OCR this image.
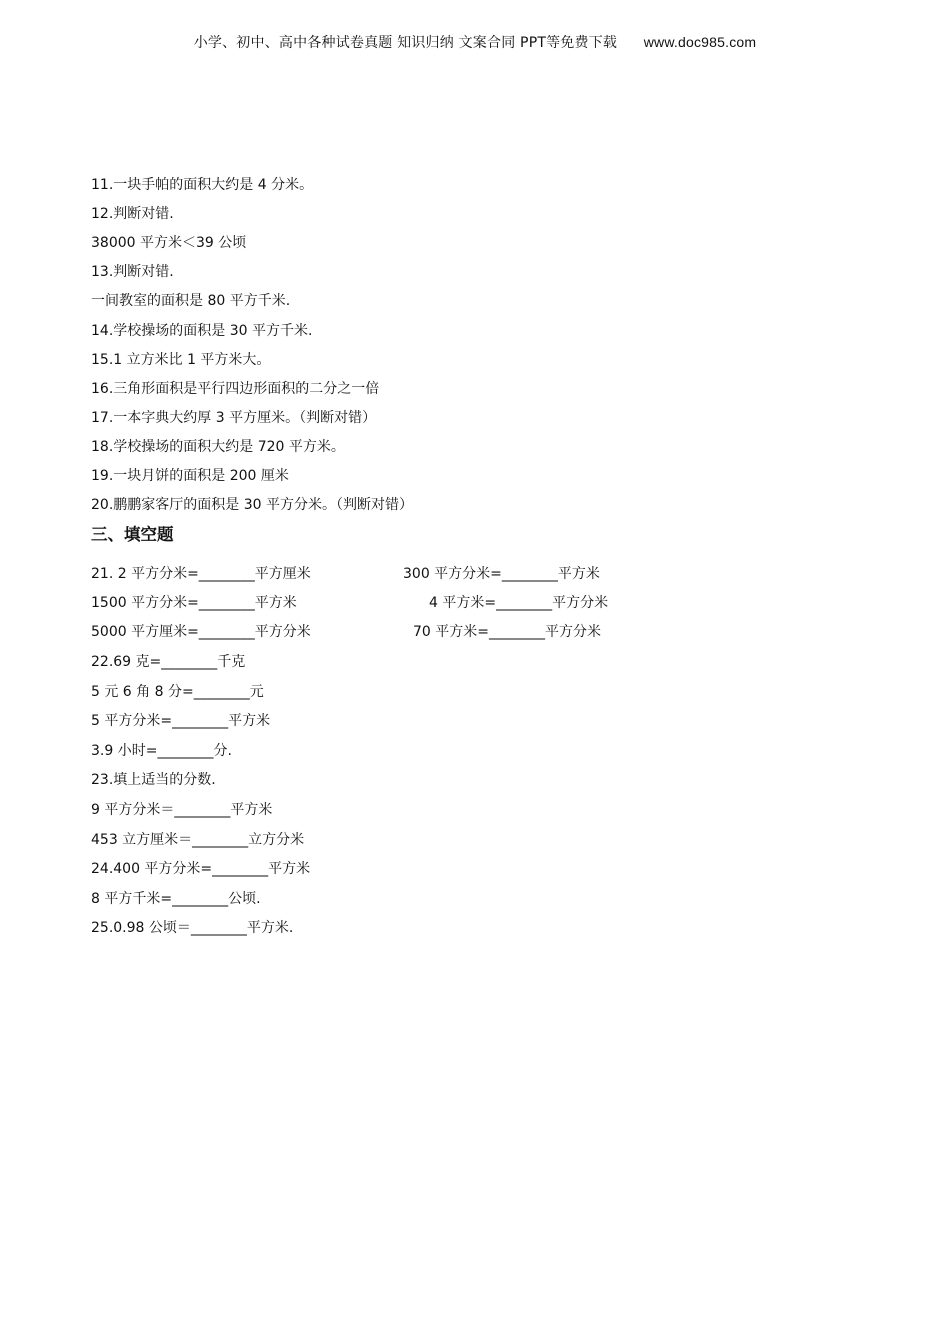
小学、初中、高中各种试卷真题 知识归纳 文案合同 PPT等免费下载 www.doc985.com
11.一块手帕的面积大约是 4 分米。
12.判断对错.
38000 平方米＜39 公顷
13.判断对错.
一间教室的面积是 80 平方千米.
14.学校操场的面积是 30 平方千米.
15.1 立方米比 1 平方米大。
16.三角形面积是平行四边形面积的二分之一倍
17.一本字典大约厚 3 平方厘米。（判断对错）
18.学校操场的面积大约是 720 平方米。
19.一块月饼的面积是 200 厘米
20.鹏鹏家客厅的面积是 30 平方分米。（判断对错）
三、填空题
21. 2 平方分米=________平方厘米	300 平方分米=________平方米
1500 平方分米=________平方米	4 平方米=________平方分米
5000 平方厘米=________平方分米	70 平方米=________平方分米
22.69 克=________千克
5 元 6 角 8 分=________元
5 平方分米=________平方米
3.9 小时=________分.
23.填上适当的分数.
9 平方分米＝________平方米
453 立方厘米＝________立方分米
24.400 平方分米=________平方米
8 平方千米=________公顷.
25.0.98 公顷＝________平方米.
